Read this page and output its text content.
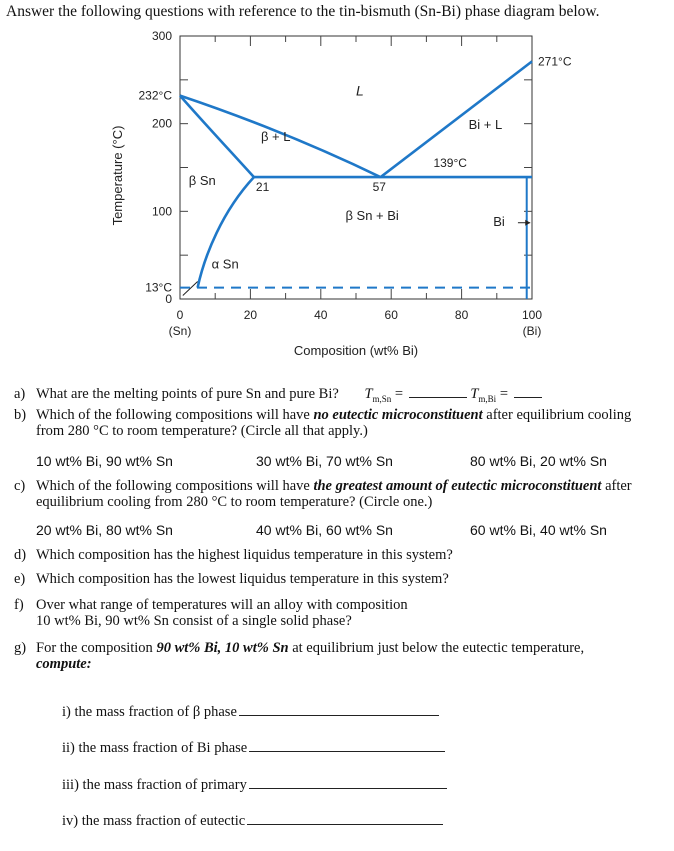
Answer the following questions with reference to the tin-bismuth (Sn-Bi) phase diagram below.
0	20	40	60	80	100
(Sn)	(Bi)
0
100
200
300
Composition (wt% Bi)
Temperature (°C)
232°C
13°C
271°C
139°C
L
β + L
Bi + L
β Sn
β Sn + Bi
α Sn
Bi
21	57
a) What are the melting points of pure Sn and pure Bi? $T_{m,Sn}$ =	$T_{m,Bi}$ =
b) Which of the following compositions will have no eutectic microconstituent after equilibrium cooling from 280 °C to room temperature? (Circle all that apply.)
10 wt% Bi, 90 wt% Sn	30 wt% Bi, 70 wt% Sn	80 wt% Bi, 20 wt% Sn
c) Which of the following compositions will have the greatest amount of eutectic microconstituent after equilibrium cooling from 280 °C to room temperature? (Circle one.)
20 wt% Bi, 80 wt% Sn	40 wt% Bi, 60 wt% Sn	60 wt% Bi, 40 wt% Sn
d) Which composition has the highest liquidus temperature in this system?
e) Which composition has the lowest liquidus temperature in this system?
f) Over what range of temperatures will an alloy with composition
10 wt% Bi, 90 wt% Sn consist of a single solid phase?
g) For the composition 90 wt% Bi, 10 wt% Sn at equilibrium just below the eutectic temperature,
compute:
i) the mass fraction of β phase
ii) the mass fraction of Bi phase
iii) the mass fraction of primary
iv) the mass fraction of eutectic
